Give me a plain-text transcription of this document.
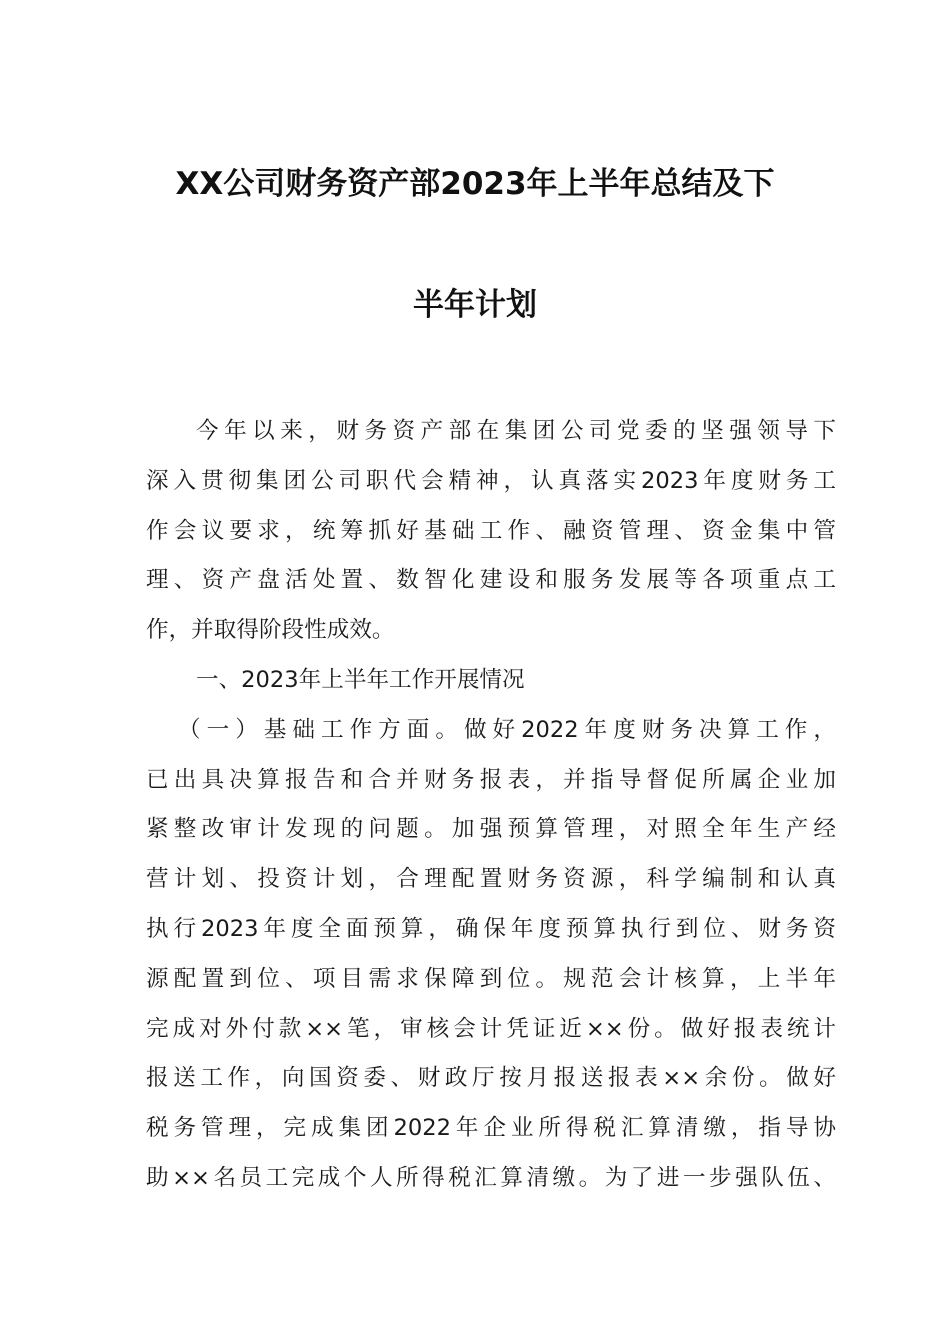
XX公司财务资产部2023年上半年总结及下
半年计划
今年以来，财务资产部在集团公司党委的坚强领导下
深入贯彻集团公司职代会精神，认真落实2023年度财务工
作会议要求，统筹抓好基础工作、融资管理、资金集中管
理、资产盘活处置、数智化建设和服务发展等各项重点工
作，并取得阶段性成效。
一、2023年上半年工作开展情况
（一）基础工作方面。做好2022年度财务决算工作，
已出具决算报告和合并财务报表，并指导督促所属企业加
紧整改审计发现的问题。加强预算管理，对照全年生产经
营计划、投资计划，合理配置财务资源，科学编制和认真
执行2023年度全面预算，确保年度预算执行到位、财务资
源配置到位、项目需求保障到位。规范会计核算，上半年
完成对外付款××笔，审核会计凭证近××份。做好报表统计
报送工作，向国资委、财政厅按月报送报表××余份。做好
税务管理，完成集团2022年企业所得税汇算清缴，指导协
助××名员工完成个人所得税汇算清缴。为了进一步强队伍、
